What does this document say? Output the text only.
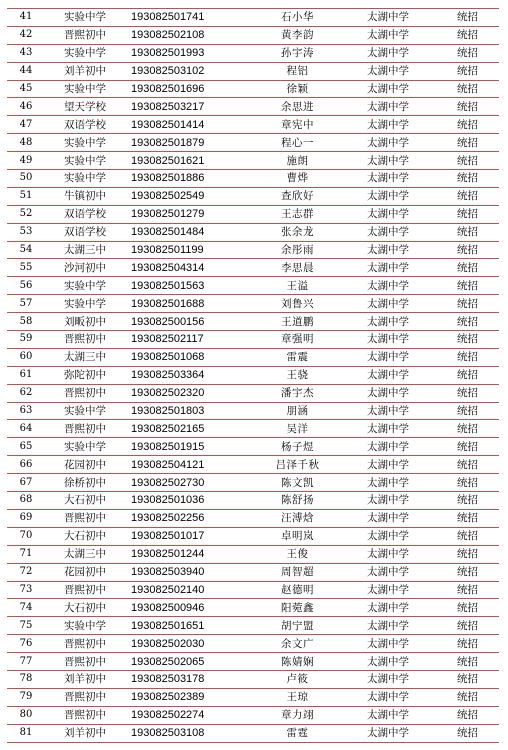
41	实验中学	193082501741	石小华	太湖中学	统招
42	晋熙初中	193082502108	黄李韵	太湖中学	统招
43	实验中学	193082501993	孙宇涛	太湖中学	统招
44	刘羊初中	193082503102	程铝	太湖中学	统招
45	实验中学	193082501696	徐颖	太湖中学	统招
46	望天学校	193082503217	余思进	太湖中学	统招
47	双语学校	193082501414	章宪中	太湖中学	统招
48	实验中学	193082501879	程心一	太湖中学	统招
49	实验中学	193082501621	施朗	太湖中学	统招
50	实验中学	193082501886	曹烨	太湖中学	统招
51	牛镇初中	193082502549	查欣好	太湖中学	统招
52	双语学校	193082501279	王志群	太湖中学	统招
53	双语学校	193082501484	张余龙	太湖中学	统招
54	太湖三中	193082501199	余彤雨	太湖中学	统招
55	沙河初中	193082504314	李思晨	太湖中学	统招
56	实验中学	193082501563	王溢	太湖中学	统招
57	实验中学	193082501688	刘鲁兴	太湖中学	统招
58	刘畈初中	193082500156	王道鹏	太湖中学	统招
59	晋熙初中	193082502117	章强明	太湖中学	统招
60	太湖三中	193082501068	雷震	太湖中学	统招
61	弥陀初中	193082503364	王骁	太湖中学	统招
62	晋熙初中	193082502320	潘宇杰	太湖中学	统招
63	实验中学	193082501803	朋涵	太湖中学	统招
64	晋熙初中	193082502165	吴洋	太湖中学	统招
65	实验中学	193082501915	杨子煜	太湖中学	统招
66	花园初中	193082504121	吕泽千秋	太湖中学	统招
67	徐桥初中	193082502730	陈文凯	太湖中学	统招
68	大石初中	193082501036	陈舒扬	太湖中学	统招
69	晋熙初中	193082502256	汪溥焓	太湖中学	统招
70	大石初中	193082501017	卓明岚	太湖中学	统招
71	太湖三中	193082501244	王俊	太湖中学	统招
72	花园初中	193082503940	周智超	太湖中学	统招
73	晋熙初中	193082502140	赵德明	太湖中学	统招
74	大石初中	193082500946	阳菀鑫	太湖中学	统招
75	实验中学	193082501651	胡宁盟	太湖中学	统招
76	晋熙初中	193082502030	余文广	太湖中学	统招
77	晋熙初中	193082502065	陈婧娴	太湖中学	统招
78	刘羊初中	193082503178	卢筱	太湖中学	统招
79	晋熙初中	193082502389	王琼	太湖中学	统招
80	晋熙初中	193082502274	章力翊	太湖中学	统招
81	刘羊初中	193082503108	雷霆	太湖中学	统招
